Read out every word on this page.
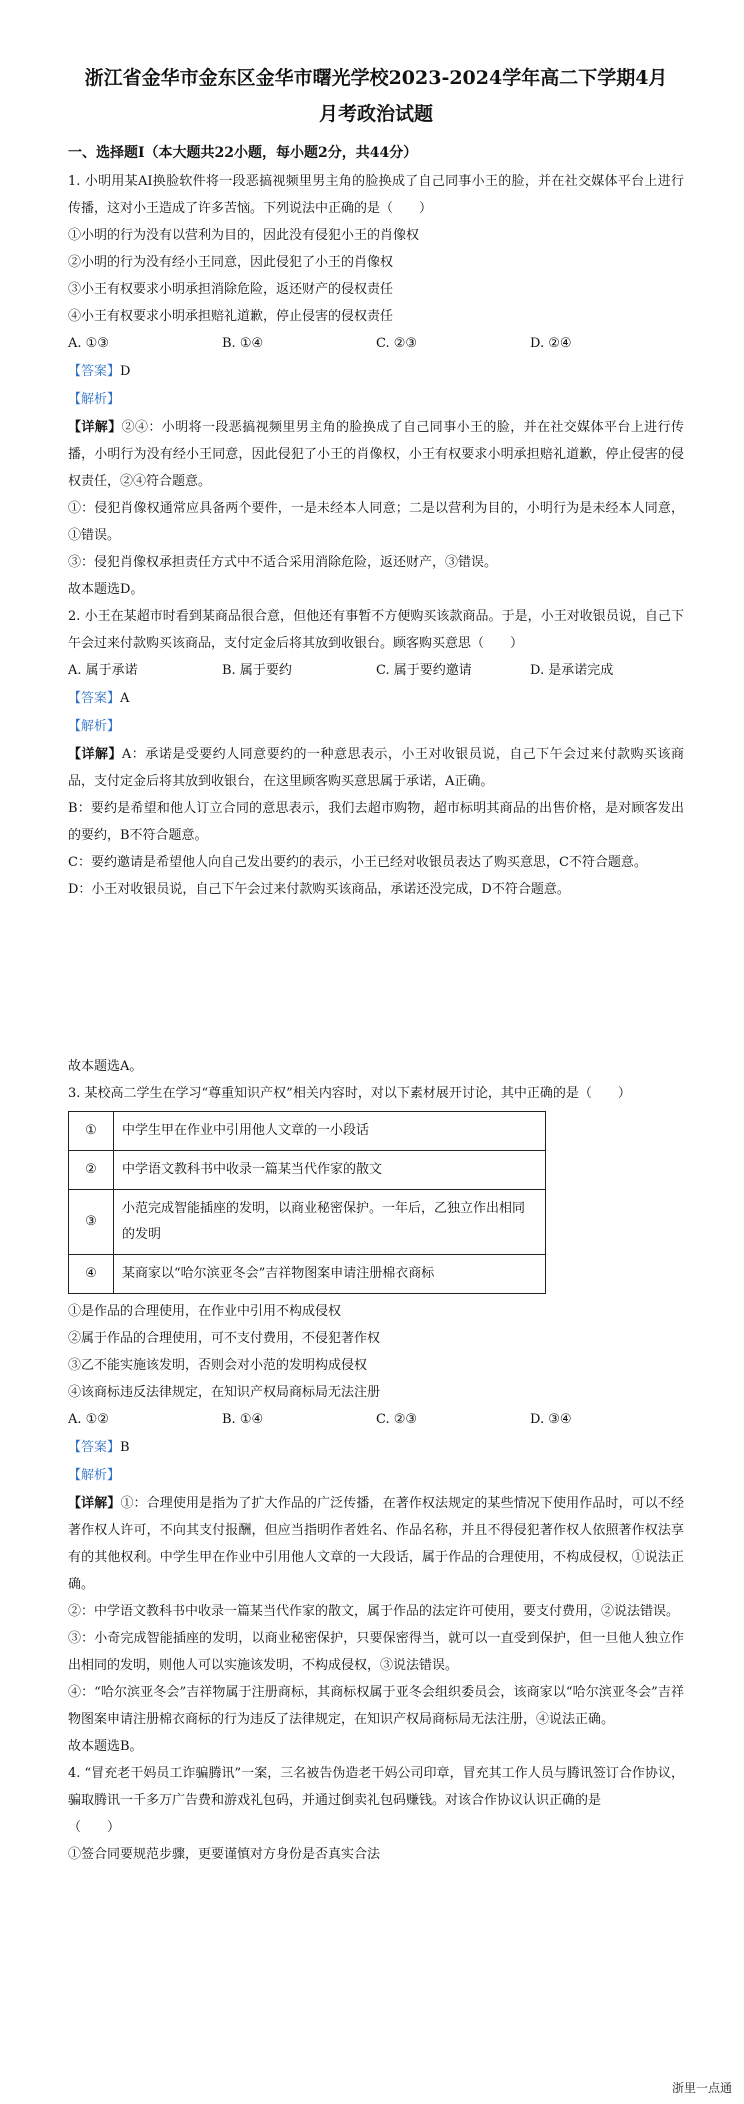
浙江省金华市金东区金华市曙光学校2023-2024学年高二下学期4月

月考政治试题

一、选择题Ⅰ（本大题共22小题，每小题2分，共44分）

1. 小明用某AI换脸软件将一段恶搞视频里男主角的脸换成了自己同事小王的脸，并在社交媒体平台上进行传播，这对小王造成了许多苦恼。下列说法中正确的是（　　）

①小明的行为没有以营利为目的，因此没有侵犯小王的肖像权

②小明的行为没有经小王同意，因此侵犯了小王的肖像权

③小王有权要求小明承担消除危险，返还财产的侵权责任

④小王有权要求小明承担赔礼道歉，停止侵害的侵权责任

A. ①③	B. ①④	C. ②③	D. ②④
【答案】D
【解析】

【详解】②④：小明将一段恶搞视频里男主角的脸换成了自己同事小王的脸，并在社交媒体平台上进行传播，小明行为没有经小王同意，因此侵犯了小王的肖像权，小王有权要求小明承担赔礼道歉，停止侵害的侵权责任，②④符合题意。

①：侵犯肖像权通常应具备两个要件，一是未经本人同意；二是以营利为目的，小明行为是未经本人同意，①错误。

③：侵犯肖像权承担责任方式中不适合采用消除危险，返还财产，③错误。

故本题选D。

2. 小王在某超市时看到某商品很合意，但他还有事暂不方便购买该款商品。于是，小王对收银员说，自己下午会过来付款购买该商品，支付定金后将其放到收银台。顾客购买意思（　　）

A. 属于承诺	B. 属于要约	C. 属于要约邀请	D. 是承诺完成
【答案】A
【解析】

【详解】A：承诺是受要约人同意要约的一种意思表示，小王对收银员说，自己下午会过来付款购买该商品，支付定金后将其放到收银台，在这里顾客购买意思属于承诺，A正确。

B：要约是希望和他人订立合同的意思表示，我们去超市购物，超市标明其商品的出售价格，是对顾客发出的要约，B不符合题意。

C：要约邀请是希望他人向自己发出要约的表示，小王已经对收银员表达了购买意思，C不符合题意。

D：小王对收银员说，自己下午会过来付款购买该商品，承诺还没完成，D不符合题意。

故本题选A。

3. 某校高二学生在学习“尊重知识产权”相关内容时，对以下素材展开讨论，其中正确的是（　　）

①	中学生甲在作业中引用他人文章的一小段话
②	中学语文教科书中收录一篇某当代作家的散文
③	小范完成智能插座的发明，以商业秘密保护。一年后，乙独立作出相同的发明
④	某商家以“哈尔滨亚冬会”吉祥物图案申请注册棉衣商标

①是作品的合理使用，在作业中引用不构成侵权

②属于作品的合理使用，可不支付费用，不侵犯著作权

③乙不能实施该发明，否则会对小范的发明构成侵权

④该商标违反法律规定，在知识产权局商标局无法注册

A. ①②	B. ①④	C. ②③	D. ③④
【答案】B
【解析】

【详解】①：合理使用是指为了扩大作品的广泛传播，在著作权法规定的某些情况下使用作品时，可以不经著作权人许可，不向其支付报酬，但应当指明作者姓名、作品名称，并且不得侵犯著作权人依照著作权法享有的其他权利。中学生甲在作业中引用他人文章的一大段话，属于作品的合理使用，不构成侵权，①说法正确。

②：中学语文教科书中收录一篇某当代作家的散文，属于作品的法定许可使用，要支付费用，②说法错误。

③：小奇完成智能插座的发明，以商业秘密保护，只要保密得当，就可以一直受到保护，但一旦他人独立作出相同的发明，则他人可以实施该发明，不构成侵权，③说法错误。

④：“哈尔滨亚冬会”吉祥物属于注册商标，其商标权属于亚冬会组织委员会，该商家以“哈尔滨亚冬会”吉祥物图案申请注册棉衣商标的行为违反了法律规定，在知识产权局商标局无法注册，④说法正确。

故本题选B。

4. “冒充老干妈员工诈骗腾讯”一案，三名被告伪造老干妈公司印章，冒充其工作人员与腾讯签订合作协议，骗取腾讯一千多万广告费和游戏礼包码，并通过倒卖礼包码赚钱。对该合作协议认识正确的是

（　　）

①签合同要规范步骤，更要谨慎对方身份是否真实合法

浙里一点通
